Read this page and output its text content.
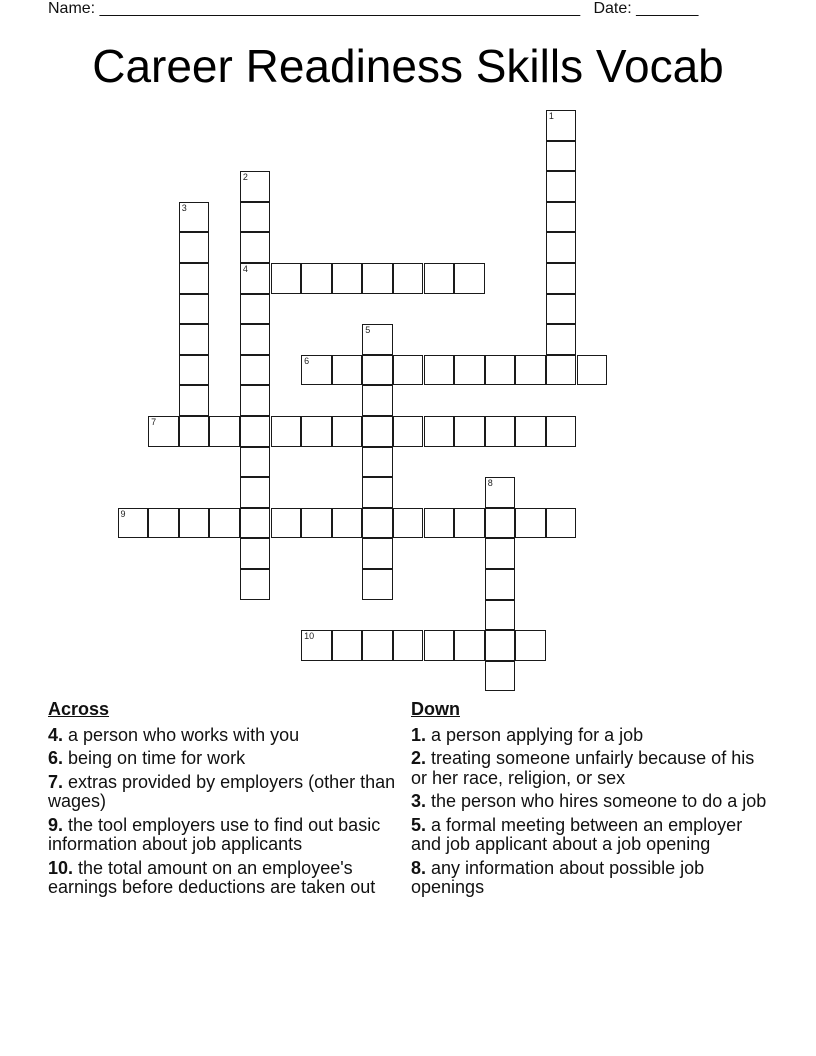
Name: ______________________________________________________ Date: _______
Career Readiness Skills Vocab
1
2
4
3
5
6
7
8
9
10
Across
4. a person who works with you
6. being on time for work
7. extras provided by employers (other than wages)
9. the tool employers use to find out basic information about job applicants
10. the total amount on an employee's earnings before deductions are taken out
Down
1. a person applying for a job
2. treating someone unfairly because of his or her race, religion, or sex
3. the person who hires someone to do a job
5. a formal meeting between an employer and job applicant about a job opening
8. any information about possible job openings
